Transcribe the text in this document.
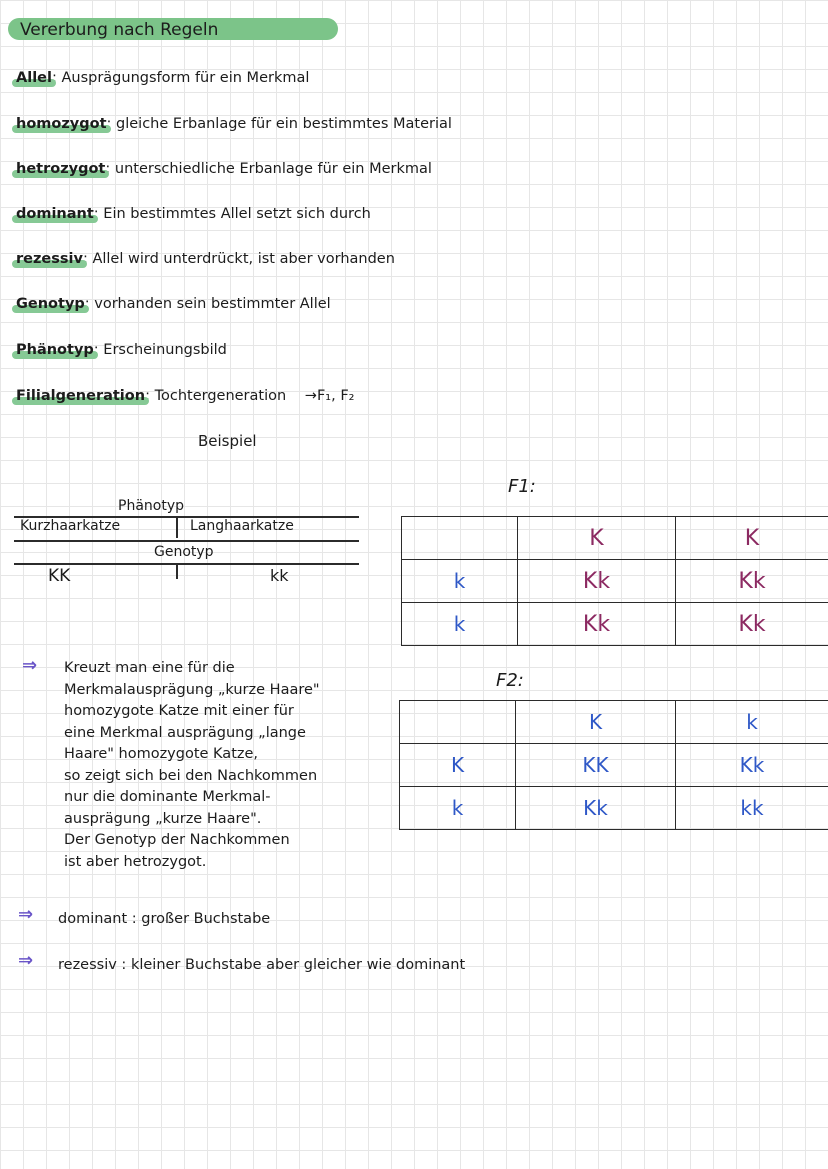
Vererbung nach Regeln
Allel: Ausprägungsform für ein Merkmal
homozygot: gleiche Erbanlage für ein bestimmtes Material
hetrozygot: unterschiedliche Erbanlage für ein Merkmal
dominant: Ein bestimmtes Allel setzt sich durch
rezessiv: Allel wird unterdrückt, ist aber vorhanden
Genotyp: vorhanden sein bestimmter Allel
Phänotyp: Erscheinungsbild
Filialgeneration: Tochtergeneration →F₁, F₂
Beispiel
Phänotyp
Kurzhaarkatze	Langhaarkatze
Genotyp
KK	kk
F1:
	K	K
k	Kk	Kk
k	Kk	Kk
F2:
	K	k
K	KK	Kk
k	Kk	kk
⇒ Kreuzt man eine für die
Merkmalausprägung „kurze Haare"
homozygote Katze mit einer für
eine Merkmal ausprägung „lange
Haare" homozygote Katze,
so zeigt sich bei den Nachkommen
nur die dominante Merkmal-
ausprägung „kurze Haare".
Der Genotyp der Nachkommen
ist aber hetrozygot.
⇒ dominant : großer Buchstabe
⇒ rezessiv : kleiner Buchstabe aber gleicher wie dominant
